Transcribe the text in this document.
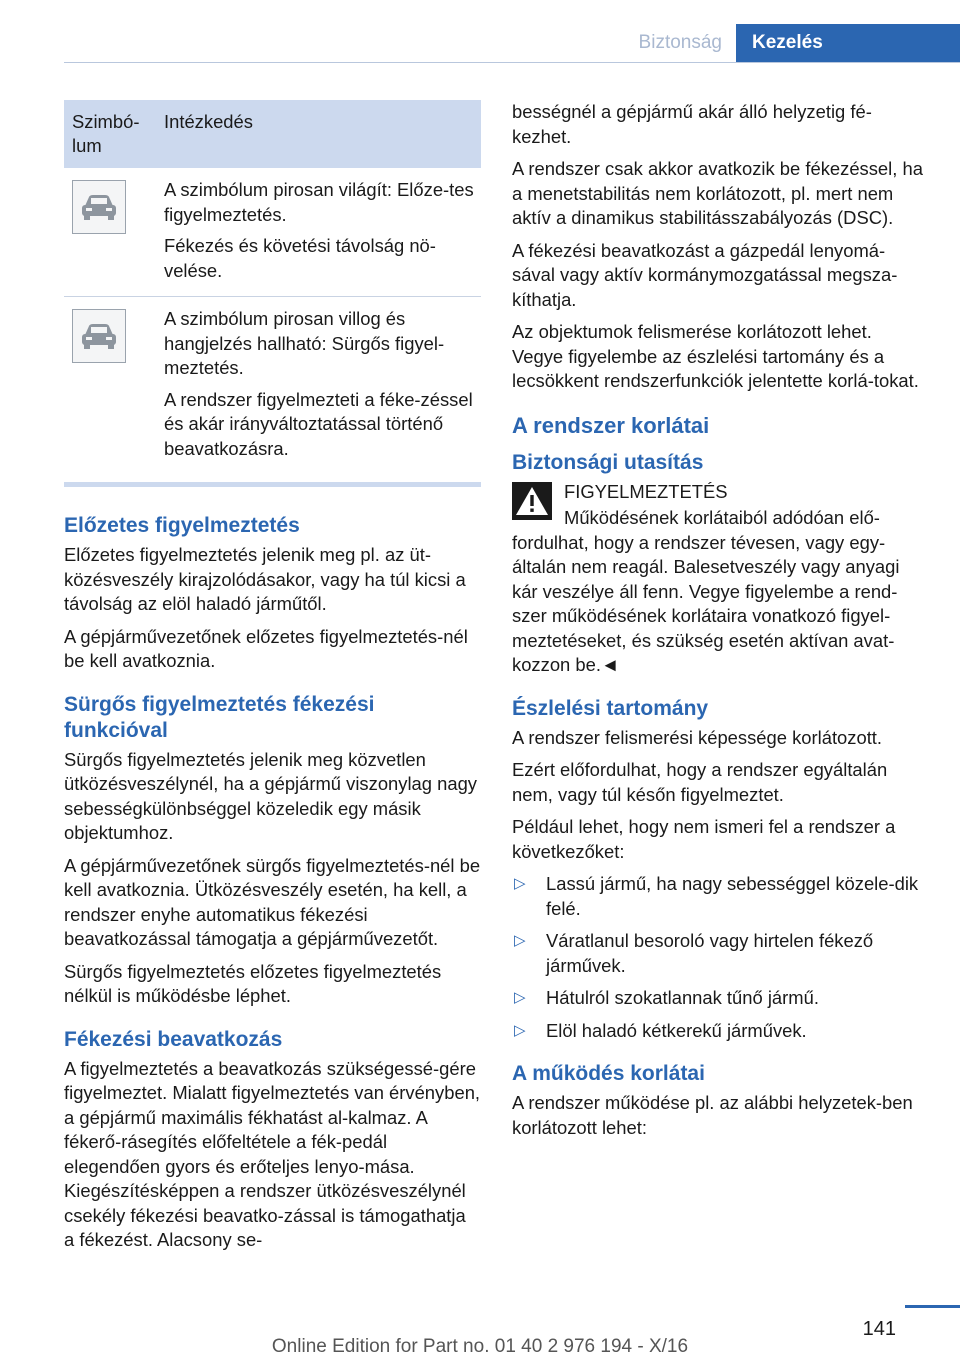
Biztonság	Kezelés
Szimbó-lum
Intézkedés

A szimbólum pirosan világít: Előze-tes figyelmeztetés.

Fékezés és követési távolság nö-velése.

A szimbólum pirosan villog és hangjelzés hallható: Sürgős figyel-meztetés.

A rendszer figyelmezteti a féke-zéssel és akár irányváltoztatással történő beavatkozásra.

Előzetes figyelmeztetés

Előzetes figyelmeztetés jelenik meg pl. az üt-közésveszély kirajzolódásakor, vagy ha túl kicsi a távolság az elöl haladó járműtől.

A gépjárművezetőnek előzetes figyelmeztetés-nél be kell avatkoznia.

Sürgős figyelmeztetés fékezési funkcióval

Sürgős figyelmeztetés jelenik meg közvetlen ütközésveszélynél, ha a gépjármű viszonylag nagy sebességkülönbséggel közeledik egy másik objektumhoz.

A gépjárművezetőnek sürgős figyelmeztetés-nél be kell avatkoznia. Ütközésveszély esetén, ha kell, a rendszer enyhe automatikus fékezési beavatkozással támogatja a gépjárművezetőt.

Sürgős figyelmeztetés előzetes figyelmeztetés nélkül is működésbe léphet.

Fékezési beavatkozás

A figyelmeztetés a beavatkozás szükségessé-gére figyelmeztet. Mialatt figyelmeztetés van érvényben, a gépjármű maximális fékhatást al-kalmaz. A fékerő-rásegítés előfeltétele a fék-pedál elegendően gyors és erőteljes lenyo-mása. Kiegészítésképpen a rendszer ütközésveszélynél csekély fékezési beavatko-zással is támogathatja a fékezést. Alacsony se-

bességnél a gépjármű akár álló helyzetig fé-kezhet.

A rendszer csak akkor avatkozik be fékezéssel, ha a menetstabilitás nem korlátozott, pl. mert nem aktív a dinamikus stabilitásszabályozás (DSC).

A fékezési beavatkozást a gázpedál lenyomá-sával vagy aktív kormánymozgatással megsza-kíthatja.

Az objektumok felismerése korlátozott lehet. Vegye figyelembe az észlelési tartomány és a lecsökkent rendszerfunkciók jelentette korlá-tokat.

A rendszer korlátai
Biztonsági utasítás

FIGYELMEZTETÉS

Működésének korlátaiból adódóan elő-

fordulhat, hogy a rendszer tévesen, vagy egy-általán nem reagál. Balesetveszély vagy anyagi kár veszélye áll fenn. Vegye figyelembe a rend-szer működésének korlátaira vonatkozó figyel-meztetéseket, és szükség esetén aktívan avat-kozzon be.◄

Észlelési tartomány

A rendszer felismerési képessége korlátozott.

Ezért előfordulhat, hogy a rendszer egyáltalán nem, vagy túl későn figyelmeztet.

Például lehet, hogy nem ismeri fel a rendszer a következőket:

▷ Lassú jármű, ha nagy sebességgel közele-dik felé.
▷ Váratlanul besoroló vagy hirtelen fékező járművek.
▷ Hátulról szokatlannak tűnő jármű.
▷ Elöl haladó kétkerekű járművek.
A működés korlátai

A rendszer működése pl. az alábbi helyzetek-ben korlátozott lehet:

141
Online Edition for Part no. 01 40 2 976 194 - X/16
